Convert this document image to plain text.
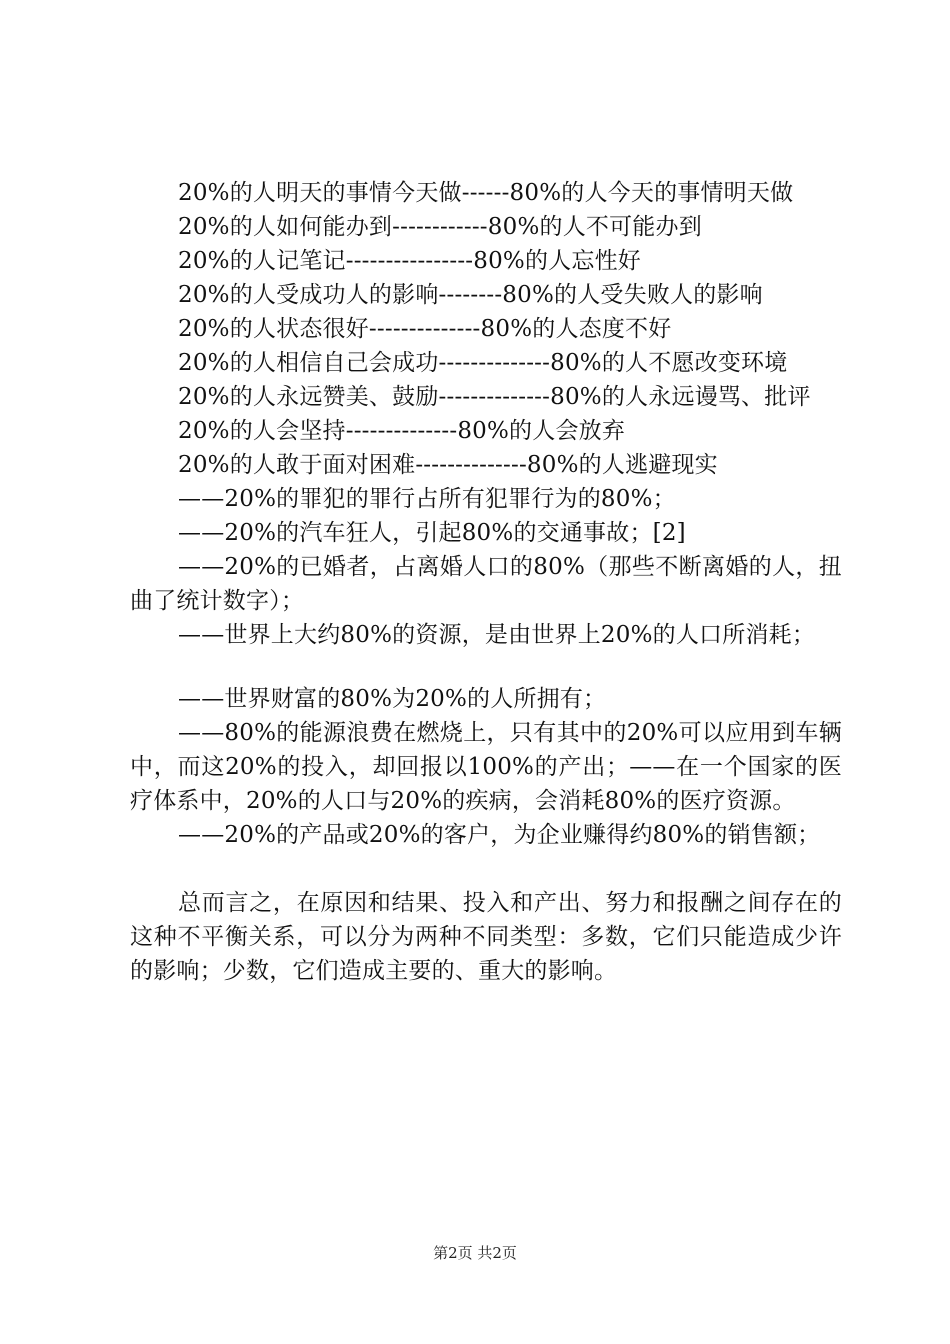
20%的人明天的事情今天做------80%的人今天的事情明天做

20%的人如何能办到------------80%的人不可能办到

20%的人记笔记----------------80%的人忘性好

20%的人受成功人的影响--------80%的人受失败人的影响

20%的人状态很好--------------80%的人态度不好

20%的人相信自己会成功--------------80%的人不愿改变环境

20%的人永远赞美、鼓励--------------80%的人永远谩骂、批评

20%的人会坚持--------------80%的人会放弃

20%的人敢于面对困难--------------80%的人逃避现实

——20%的罪犯的罪行占所有犯罪行为的80%；

——20%的汽车狂人，引起80%的交通事故；[2]

——20%的已婚者，占离婚人口的80%（那些不断离婚的人，扭曲了统计数字）；

——世界上大约80%的资源，是由世界上20%的人口所消耗；

——世界财富的80%为20%的人所拥有；

——80%的能源浪费在燃烧上，只有其中的20%可以应用到车辆中，而这20%的投入，却回报以100%的产出；——在一个国家的医疗体系中，20%的人口与20%的疾病，会消耗80%的医疗资源。

——20%的产品或20%的客户，为企业赚得约80%的销售额；

总而言之，在原因和结果、投入和产出、努力和报酬之间存在的这种不平衡关系，可以分为两种不同类型：多数，它们只能造成少许的影响；少数，它们造成主要的、重大的影响。

第2页 共2页
